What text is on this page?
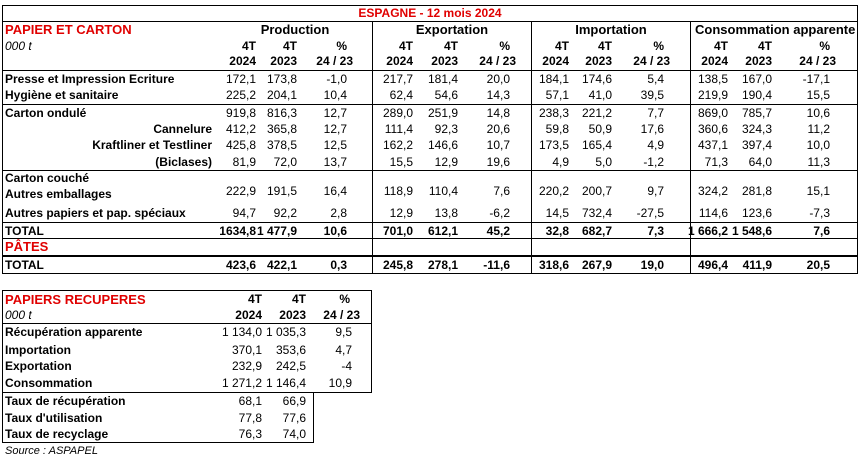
ESPAGNE - 12 mois 2024
PAPIER ET CARTON
000 t
Production	Exportation	Importation	Consommation apparente
4T	4T	%
2024	2023	24 / 23
4T	4T	%
2024	2023	24 / 23
4T	4T	%
2024	2023	24 / 23
4T	4T	%
2024	2023	24 / 23
Presse et Impression Ecriture	172,1 173,8	-1,0	217,7	181,4	20,0	184,1	174,6	5,4	138,5	167,0	-17,1
Hygiène et sanitaire	225,2 204,1	10,4	62,4	54,6	14,3	57,1	41,0	39,5	219,9	190,4	15,5
Carton ondulé	919,8 816,3	12,7	289,0	251,9	14,8	238,3	221,2	7,7	869,0	785,7	10,6
Cannelure	412,2 365,8	12,7	111,4	92,3	20,6	59,8	50,9	17,6	360,6	324,3	11,2
Kraftliner et Testliner	425,8 378,5	12,5	162,2	146,6	10,7	173,5	165,4	4,9	437,1	397,4	10,0
(Biclases)	81,9	72,0	13,7	15,5	12,9	19,6	4,9	5,0	-1,2	71,3	64,0	11,3
Carton couché
Autres emballages	222,9 191,5	16,4	118,9	110,4	7,6	220,2	200,7	9,7	324,2	281,8	15,1
Autres papiers et pap. spéciaux	94,7	92,2	2,8	12,9	13,8	-6,2	14,5	732,4	-27,5	114,6	123,6	-7,3
TOTAL	1634,8 1 477,9	10,6	701,0	612,1	45,2	32,8	682,7	7,3	1 666,2 1 548,6	7,6
PÂTES
TOTAL	423,6 422,1	0,3	245,8	278,1	-11,6	318,6	267,9	19,0	496,4	411,9	20,5
PAPIERS RECUPERES
000 t
4T	4T	%
2024	2023	24 / 23
Récupération apparente	1 134,0 1 035,3	9,5
Importation	370,1	353,6	4,7
Exportation	232,9	242,5	-4
Consommation	1 271,2 1 146,4	10,9
Taux de récupération	68,1	66,9
Taux d'utilisation	77,8	77,6
Taux de recyclage	76,3	74,0
Source : ASPAPEL
